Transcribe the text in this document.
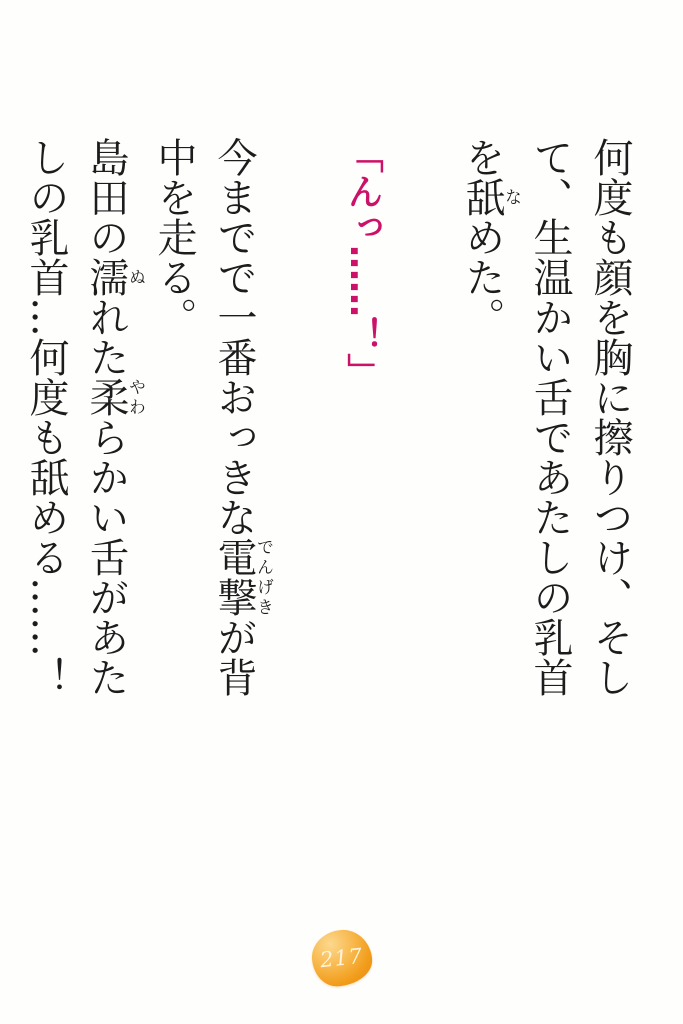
何度も顔を胸に擦りつけ、そし
て、生温かい舌であたしの乳首
を舐なめた。
「んっ……！」
今までで一番おっきな電撃でんげきが背
中を走る。
島田の濡ぬれた柔やわらかい舌があた
しの乳首…何度も舐める……！
217
